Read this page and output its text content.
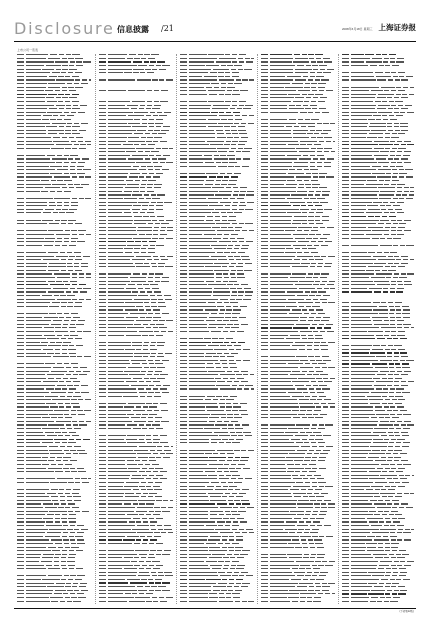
Disclosure 信息披露 /21	2008年6月18日 星期三 上海证券报
上市公司一览表
(下转第22版)
